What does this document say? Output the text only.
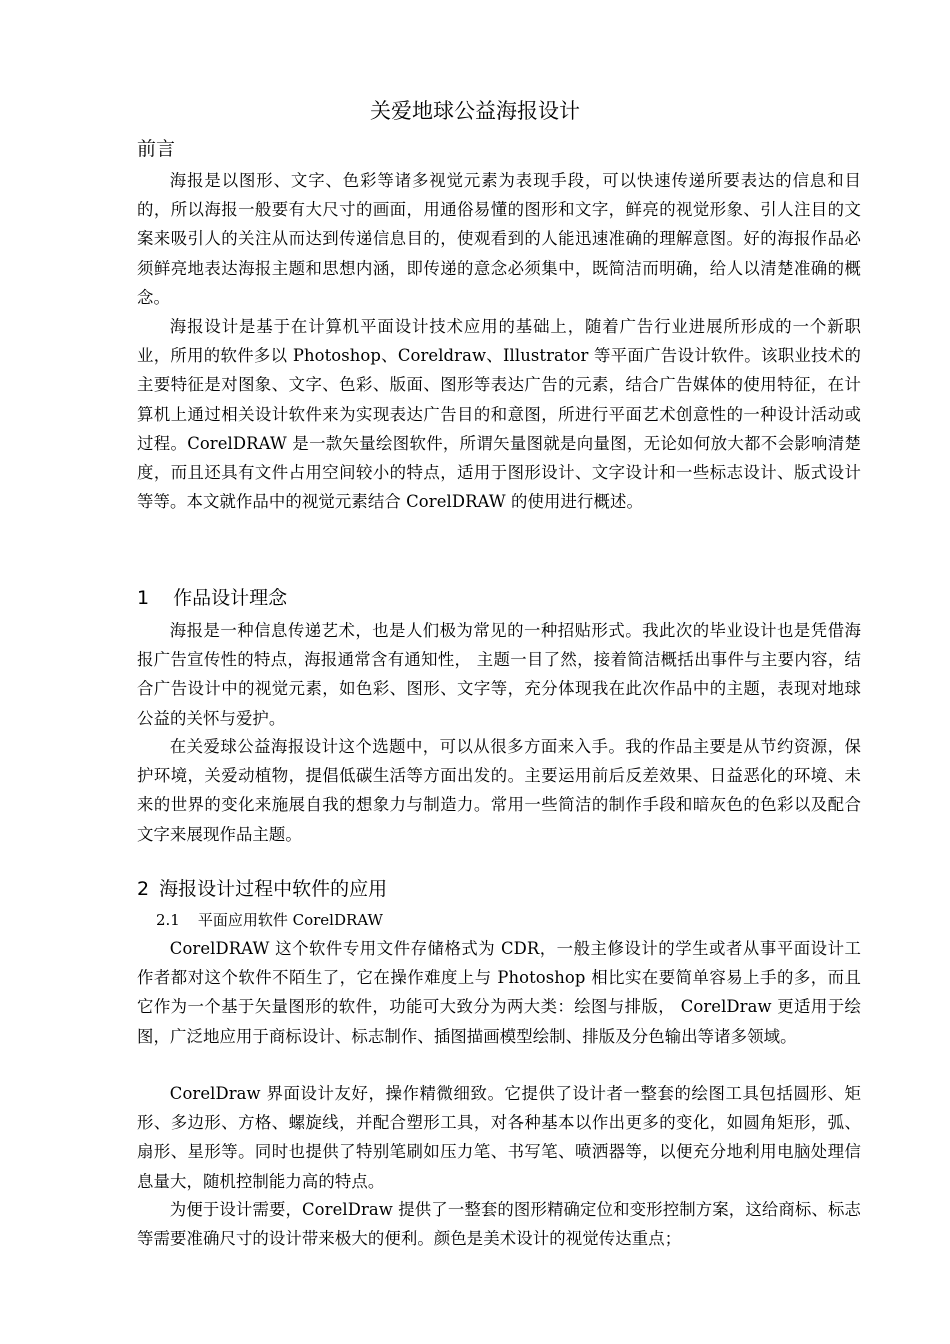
关爱地球公益海报设计
前言

海报是以图形、文字、色彩等诸多视觉元素为表现手段，可以快速传递所要表达的信息和目的，所以海报一般要有大尺寸的画面，用通俗易懂的图形和文字，鲜亮的视觉形象、引人注目的文案来吸引人的关注从而达到传递信息目的，使观看到的人能迅速准确的理解意图。好的海报作品必须鲜亮地表达海报主题和思想内涵，即传递的意念必须集中，既简洁而明确，给人以清楚准确的概念。

海报设计是基于在计算机平面设计技术应用的基础上，随着广告行业进展所形成的一个新职业，所用的软件多以 Photoshop、Coreldraw、Illustrator 等平面广告设计软件。该职业技术的主要特征是对图象、文字、色彩、版面、图形等表达广告的元素，结合广告媒体的使用特征，在计算机上通过相关设计软件来为实现表达广告目的和意图，所进行平面艺术创意性的一种设计活动或过程。CorelDRAW 是一款矢量绘图软件，所谓矢量图就是向量图，无论如何放大都不会影响清楚度，而且还具有文件占用空间较小的特点，适用于图形设计、文字设计和一些标志设计、版式设计等等。本文就作品中的视觉元素结合 CorelDRAW 的使用进行概述。

1 作品设计理念

海报是一种信息传递艺术，也是人们极为常见的一种招贴形式。我此次的毕业设计也是凭借海报广告宣传性的特点，海报通常含有通知性， 主题一目了然，接着简洁概括出事件与主要内容，结合广告设计中的视觉元素，如色彩、图形、文字等，充分体现我在此次作品中的主题，表现对地球公益的关怀与爱护。

在关爱球公益海报设计这个选题中，可以从很多方面来入手。我的作品主要是从节约资源，保护环境，关爱动植物，提倡低碳生活等方面出发的。主要运用前后反差效果、日益恶化的环境、未来的世界的变化来施展自我的想象力与制造力。常用一些简洁的制作手段和暗灰色的色彩以及配合文字来展现作品主题。

2 海报设计过程中软件的应用
2.1 平面应用软件 CorelDRAW

CorelDRAW 这个软件专用文件存储格式为 CDR，一般主修设计的学生或者从事平面设计工作者都对这个软件不陌生了，它在操作难度上与 Photoshop 相比实在要简单容易上手的多，而且它作为一个基于矢量图形的软件，功能可大致分为两大类：绘图与排版， CorelDraw 更适用于绘图，广泛地应用于商标设计、标志制作、插图描画模型绘制、排版及分色输出等诸多领域。

CorelDraw 界面设计友好，操作精微细致。它提供了设计者一整套的绘图工具包括圆形、矩形、多边形、方格、螺旋线，并配合塑形工具，对各种基本以作出更多的变化，如圆角矩形，弧、扇形、星形等。同时也提供了特别笔刷如压力笔、书写笔、喷洒器等，以便充分地利用电脑处理信息量大，随机控制能力高的特点。

为便于设计需要，CorelDraw 提供了一整套的图形精确定位和变形控制方案，这给商标、标志等需要准确尺寸的设计带来极大的便利。颜色是美术设计的视觉传达重点；
